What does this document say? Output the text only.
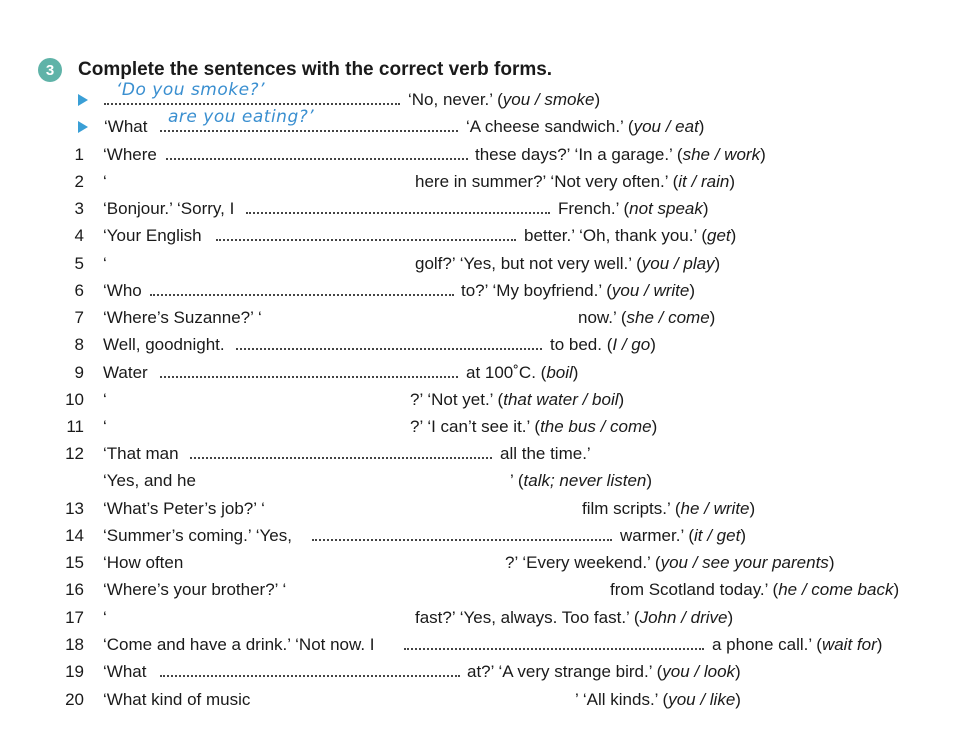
3	Complete the sentences with the correct verb forms.
‘Do you smoke?’	‘No, never.’ (you / smoke)
‘What are you eating?’	‘A cheese sandwich.’ (you / eat)
1 ‘Where	these days?’ ‘In a garage.’ (she / work)
2 ‘	here in summer?’ ‘Not very often.’ (it / rain)
3 ‘Bonjour.’ ‘Sorry, I	French.’ (not speak)
4 ‘Your English	better.’ ‘Oh, thank you.’ (get)
5 ‘	golf?’ ‘Yes, but not very well.’ (you / play)
6 ‘Who	to?’ ‘My boyfriend.’ (you / write)
7 ‘Where’s Suzanne?’ ‘	now.’ (she / come)
8 Well, goodnight.	to bed. (I / go)
9 Water	at 100˚C. (boil)
10 ‘	?’ ‘Not yet.’ (that water / boil)
11 ‘	?’ ‘I can’t see it.’ (the bus / come)
12 ‘That man	all the time.’
‘Yes, and he	’ (talk; never listen)
13 ‘What’s Peter’s job?’ ‘	film scripts.’ (he / write)
14 ‘Summer’s coming.’ ‘Yes,	warmer.’ (it / get)
15 ‘How often	?’ ‘Every weekend.’ (you / see your parents)
16 ‘Where’s your brother?’ ‘	from Scotland today.’ (he / come back)
17 ‘	fast?’ ‘Yes, always. Too fast.’ (John / drive)
18 ‘Come and have a drink.’ ‘Not now. I	a phone call.’ (wait for)
19 ‘What	at?’ ‘A very strange bird.’ (you / look)
20 ‘What kind of music	’ ‘All kinds.’ (you / like)
